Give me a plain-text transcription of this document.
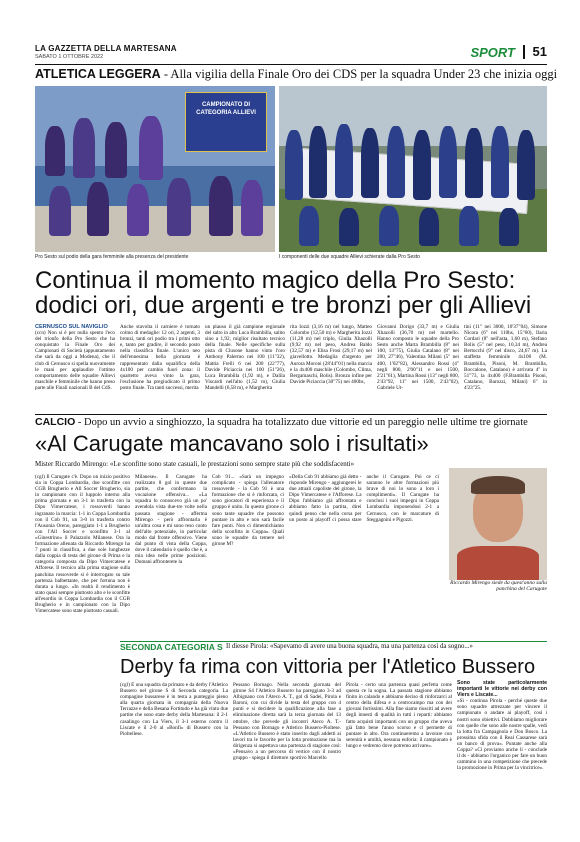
LA GAZZETTA DELLA MARTESANA
SABATO 1 OTTOBRE 2022	SPORT 51
ATLETICA LEGGERA - Alla vigilia della Finale Oro dei CDS per la squadra Under 23 che inizia oggi
CAMPIONATO DI CATEGORIA ALLIEVI
Pro Sesto sul podio della gara femminile alla presenza del presidente	I componenti delle due squadre Allievi schierate dalla Pro Sesto
Continua il momento magico della Pro Sesto:
dodici ori, due argenti e tre bronzi per gli Allievi
CERNUSCO SUL NAVIGLIO
(ccn) Non si è per nulla spento l'eco del trionfo della Pro Sesto che ha conquistato la Finale Oro dei Campionati di Società (appuntamento che sarà da oggi a Modena), che il club di Cernusco si spella nuovamente le mani per applaudire l'ottimo comportamento delle squadre Allievi maschile e femminile che hanno preso parte alle Finali nazionali B del CdS.
Anche stavolta il carniere è tornato colmo di medaglie: 12 ori, 2 argenti, 3 bronzi, tanti ori podio tra i primi otto e, tanto per gradire, il secondo posto nella classifica finale. L'unico neo dell'ennesima bella giornata è rappresentato dalla squalifica della 4x100 per cambio fuori zona: il quartetto aveva vinto la gara, l'esclusione ha pregiudicato il primo posto finale. Tra tanti successi, merita
un plauso il già campione regionale del salto in alto Luca Brambilla, salito sino a 1,92, miglior risultato tecnico della finale. Nelle specifiche sulla pista di Clusone hanno vinto l'oro Anthony Palermo nei 100 (11"32), Mattia Frelli 6 nei 200 (22"77), Davide Piciaccia nei 100 (51"26), Luca Brambilla (1,92 m), e Dalila Viscardi nell'alto (1,52 m), Giulia Mandelli (6,58 m), e Margherita
rita Iozzi (3,16 m) nel lungo, Matteo Colombo (12,50 m) e Margherita Iozzi (11,28 m) nel triplo, Giulia Xhazolli (9,92 m) nel peso, Andrea Baldo (32,57 m) e Elisa Frosi (29,17 m) nel giavellotto. Medaglia d'argento per Aurora Moroni (28'44"01) nella marcia e la 4x400 maschile (Colombo, Clima, Bergamaschi, Bolis). Bronzo infine per Davide Piciaccia (30"75) nei 400hs,
Giovanni Dorigo (33,7 m) e Giulia Xhazolli (36,70 m) nel martello. Hanno composto le squadre della Pro Sesto anche Marta Brambilla (8" nei 100, 13"75), Giulia Catalano (8" nei 200, 27"46), Valentina Milani (5" nei 400, 1'02"82), Alessandro Rossi (4" negli 800, 2'00"11 e nei 1500, 2'21"61), Martina Rossi (13" negli 800, 2'43"92, 11" nei 1500, 2'43"02), Gabriele Ut-
tini (11" nei 3000, 10'37"04), Simone Nicora (6" nei 110hs, 15"60), Ilaria Cordari (8" nell'asta, 1,60 m), Stefano Bolis (5" nel peso, 10,34 m), Andrea Bertocchi (9" nel disco, 24,67 m). La staffetta femminile 4x100 (M. Brambilla, Pisoni, M. Brambilla, Boccalone, Catalano) è arrivata 4" in 51"73, la 4x400 (F.Brambilla Pisoni, Catalano, Barozzi, Milani) 6" in 4'23"25.
CALCIO - Dopo un avvio a singhiozzo, la squadra ha totalizzato due vittorie ed un pareggio nelle ultime tre giornate
«Al Carugate mancavano solo i risultati»
Mister Riccardo Mirengo: «Le sconfitte sono state casuali, le prestazioni sono sempre state più che soddisfacenti»
(cgl) Il Carugate c'è. Dopo un inizio positivo sia in Coppa Lombardia, due sconfitte con CGB Brugherio e All Soccer Brugherio, sia in campionato con il luppolo interno alla prima giornata e un 3-1 in trasferta con la Dipo Vimercatese, i rossoverdi hanno ingranato la marcia: 1-1 in Coppa Lombardia con il Cob 91, un 3-0 in trasferta contro l'Ausonia Oreno, pareggiato 1-1 a Brugherio con l'All Soccer e sconfitto 3-1 al «Ginestrino» il Palazzolo Milanese. Ora la formazione allenata da Riccardo Mirengo ha 7 punti in classifica, a due sole lunghezze dalla coppia di testa del girone di Prima e la categoria composta da Dipo Vimercatese e Afforese. Il tecnico alla prima stagione sulla panchina rossoverde si è interrogato su tale partenza balbettante, che per fortuna non è durata a lungo. «In realtà il rendimento è stato quasi sempre piuttosto alto e le sconfitte all'esordio in Coppa Lombardia con il CGB Brugherio e in campionato con la Dipo Vimercatese sono state piuttosto casuali.
Milanese». Il Carugate ha realizzato 8 gol in queste due partite, che confermano la vocazione offensiva... «La squadra lo conoscevo già un po' avendola vista due-tre volte nella passata stagione - afferma Mirengo - però affrontarla è un'altra cosa e mi sono reso conto dell'alto potenziale, in particolar modo dal fronte offensivo. Viene dal punto di vista della Coppa, dove il calendario è quello che è, a mia idea nelle prime posizioni. Domani affronterete la
Cob 91... «Sarà un impegno complicato - spiega l'allenatore rossoverde - la Cob 91 è una formazione che si è rinforzata, ci sono giocatori di esperienza e il gruppo è unito. In questo girone ci sono tante squadre che possono puntare in alto e non sarà facile fare punti. Non ci dimentichiamo della sconfitta in Coppa». Quali sono le squadre da temere nel girone M?
«Della Cob 91 abbiamo già detto - risponde Mirengo - aggiungerei le due attuali capoliste del girone, la Dipo Vimercatese e l'Afforese. La Dipo l'abbiamo già affrontata e abbiamo fatto la partita, direi quindi penso che nella corsa per un posto ai playoff ci possa stare anche il Carugate. Poi ce ci saranno le altre formazioni più brave di noi lo sono a loro i complimenti». Il Carugate ha conclusi i suoi impegni in Coppa Lombardia imponendosi 2-1 a Cernusco, con le marcature di Steggagnini e Pigozzi.
Riccardo Mirengo siede da quest'anno sulla panchina del Carugate
SECONDA CATEGORIA S Il diesse Pirola: «Sapevamo di avere una buona squadra, ma una partenza così da sogno...»
Derby fa rima con vittoria per l'Atletico Bussero
(cgl) È una squadra da primato e da derby l'Atletico Bussero nel girone S di Seconda categoria. La compagine bussarese è in testa a punteggio pieno alla quarta giornata in compagnia della Nuova Terrazze e della Besana Fortitudo e ha già vinto due partite che sono state derby della Martesana: il 2-1 casalingo con La Viers, il 3-1 esterno contro il Liscate e il 2-0 al «Bonfi» di Bussero con la Pioltellese.
Pessano Bornago. Nella seconda giornata del girone S4 l'Atletico Bussero ha pareggiato 3-3 ad Albignano con l'Ateco A. T., gol di Sadei, Pirola e Baroni, con cui divide la testa del gruppo con 4 punti e si decidere la qualificazione alla fase a eliminazione diretta sarà la terza giornata del 13 ottobre, che prevede gli incontri Ateco A. T.-Pessano con Bornago e Atletico Bussero-Pioltese. «L'Atletico Bussero è stato inserito dagli addetti ai lavori tra le favorite per la lotta promozione ma la dirigenza sì aspettava una partenza di stagione così: «Pensavo a un percorso di vertice con il nostro gruppo - spiega il direttore sportivo Marcello
Pirola - certo una partenza quasi perfetta come questa ce la sogna. La passata stagione abbiamo finito in calando e abbiamo deciso di rinforzarci al centro della difesa e a centrocampo ma con dei giovani fortissimi. Alla fine siamo riusciti ad avere degli innesti di qualità in tutti i reparti: abbiamo fatto acquisti importanti con un gruppo che aveva già fatto bene l'anno scorso e ci permette di puntare in alto. Ora continueremo a lavorare con serenità e umiltà, nessuna euforia: il campionato è lungo e vedremo dove potremo arrivare».
Sono state particolarmente importanti le vittorie nei derby con Viers e Liscate...
«Sì - continua Pirola - perché queste due sono squadre attrezzate per vincere il campionato o andare ai playoff, così i nostri sono obiettivi. Dobbiamo migliorare con quelle che sono alle nostre spalle, vedi la lotta fra Campagnola e Don Bosco. La prossima sfida con il Real Cassarese sarà un banco di prova». Puntate anche alla Coppa? «Ci proviamo anche li - conclude il ds - abbiamo l'organico per fare un buon cammino in una competizione che precede la promozione in Prima per la vincitrice».
